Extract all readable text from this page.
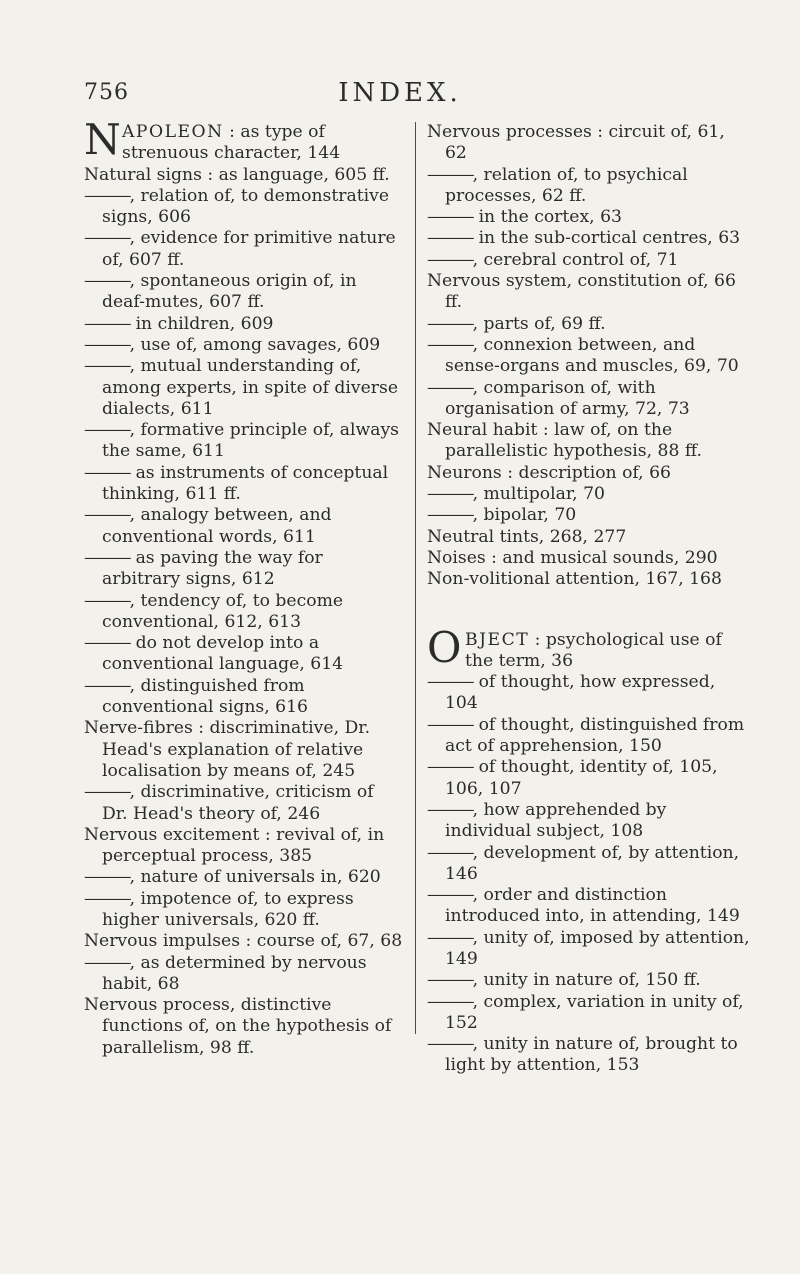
756	INDEX.

N APOLEON : as type of strenuous character, 144

Natural signs : as language, 605 ff.

———, relation of, to demonstrative signs, 606

———, evidence for primitive nature of, 607 ff.

———, spontaneous origin of, in deaf-mutes, 607 ff.

——— in children, 609

———, use of, among savages, 609

———, mutual understanding of, among experts, in spite of diverse dialects, 611

———, formative principle of, always the same, 611

——— as instruments of conceptual thinking, 611 ff.

———, analogy between, and conventional words, 611

——— as paving the way for arbitrary signs, 612

———, tendency of, to become conventional, 612, 613

——— do not develop into a conventional language, 614

———, distinguished from conventional signs, 616

Nerve-fibres : discriminative, Dr. Head's explanation of relative localisation by means of, 245

———, discriminative, criticism of Dr. Head's theory of, 246

Nervous excitement : revival of, in perceptual process, 385

———, nature of universals in, 620

———, impotence of, to express higher universals, 620 ff.

Nervous impulses : course of, 67, 68

———, as determined by nervous habit, 68

Nervous process, distinctive functions of, on the hypothesis of parallelism, 98 ff.

Nervous processes : circuit of, 61, 62

———, relation of, to psychical processes, 62 ff.

——— in the cortex, 63

——— in the sub-cortical centres, 63

———, cerebral control of, 71

Nervous system, constitution of, 66 ff.

———, parts of, 69 ff.

———, connexion between, and sense-organs and muscles, 69, 70

———, comparison of, with organisation of army, 72, 73

Neural habit : law of, on the parallelistic hypothesis, 88 ff.

Neurons : description of, 66

———, multipolar, 70

———, bipolar, 70

Neutral tints, 268, 277

Noises : and musical sounds, 290

Non-volitional attention, 167, 168

O BJECT : psychological use of the term, 36

——— of thought, how expressed, 104

——— of thought, distinguished from act of apprehension, 150

——— of thought, identity of, 105, 106, 107

———, how apprehended by individual subject, 108

———, development of, by attention, 146

———, order and distinction introduced into, in attending, 149

———, unity of, imposed by attention, 149

———, unity in nature of, 150 ff.

———, complex, variation in unity of, 152

———, unity in nature of, brought to light by attention, 153
